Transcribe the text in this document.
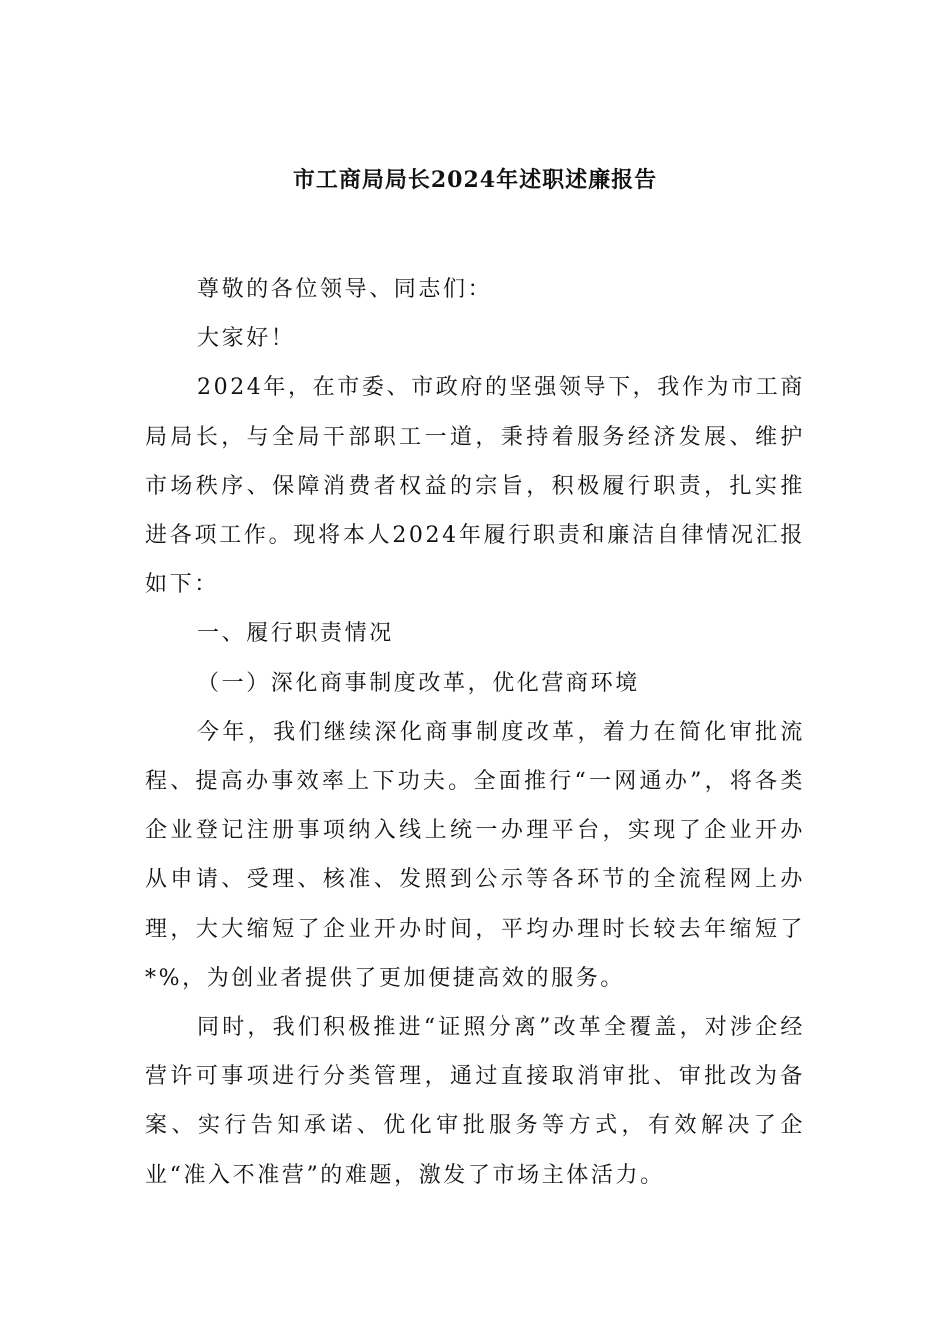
市工商局局长2024年述职述廉报告

尊敬的各位领导、同志们：

大家好！

2024年，在市委、市政府的坚强领导下，我作为市工商局局长，与全局干部职工一道，秉持着服务经济发展、维护市场秩序、保障消费者权益的宗旨，积极履行职责，扎实推进各项工作。现将本人2024年履行职责和廉洁自律情况汇报如下：

一、履行职责情况

（一）深化商事制度改革，优化营商环境

今年，我们继续深化商事制度改革，着力在简化审批流程、提高办事效率上下功夫。全面推行“一网通办”，将各类企业登记注册事项纳入线上统一办理平台，实现了企业开办从申请、受理、核准、发照到公示等各环节的全流程网上办理，大大缩短了企业开办时间，平均办理时长较去年缩短了*%，为创业者提供了更加便捷高效的服务。

同时，我们积极推进“证照分离”改革全覆盖，对涉企经营许可事项进行分类管理，通过直接取消审批、审批改为备案、实行告知承诺、优化审批服务等方式，有效解决了企业“准入不准营”的难题，激发了市场主体活力。
